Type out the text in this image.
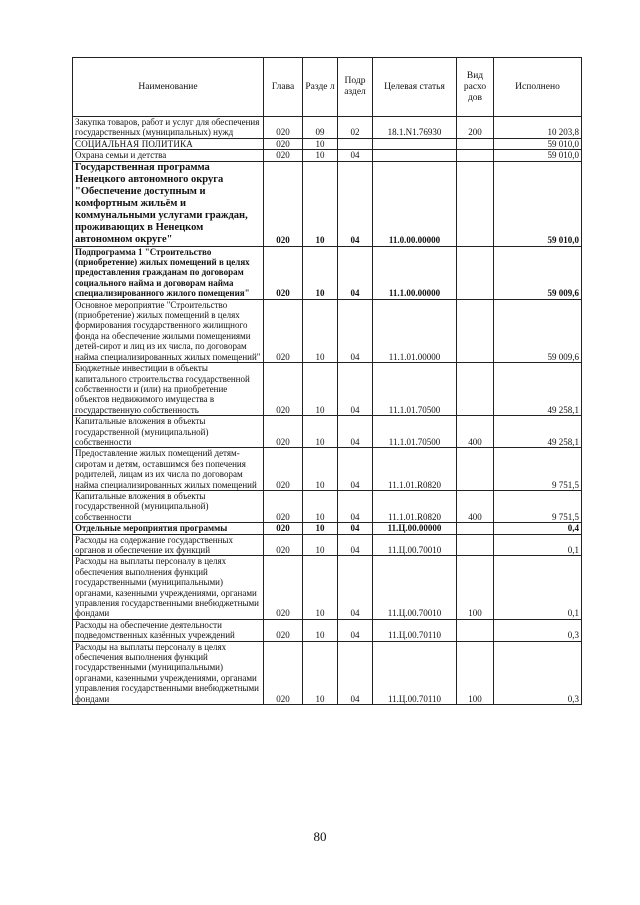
Наименование	Глава	Разде л	Подр аздел	Целевая статья	Вид расхо дов	Исполнено
Закупка товаров, работ и услуг для обеспечения государственных (муниципальных) нужд	020	09	02	18.1.N1.76930	200	10 203,8
СОЦИАЛЬНАЯ ПОЛИТИКА	020	10				59 010,0
Охрана семьи и детства	020	10	04			59 010,0
Государственная программа Ненецкого автономного округа "Обеспечение доступным и комфортным жильём и коммунальными услугами граждан, проживающих в Ненецком автономном округе"	020	10	04	11.0.00.00000		59 010,0
Подпрограмма 1 "Строительство (приобретение) жилых помещений в целях предоставления гражданам по договорам социального найма и договорам найма специализированного жилого помещения"	020	10	04	11.1.00.00000		59 009,6
Основное мероприятие "Строительство (приобретение) жилых помещений в целях формирования государственного жилищного фонда на обеспечение жилыми помещениями детей-сирот и лиц из их числа, по договорам найма специализированных жилых помещений"	020	10	04	11.1.01.00000		59 009,6
Бюджетные инвестиции в объекты капитального строительства государственной собственности и (или) на приобретение объектов недвижимого имущества в государственную собственность	020	10	04	11.1.01.70500		49 258,1
Капитальные вложения в объекты государственной (муниципальной) собственности	020	10	04	11.1.01.70500	400	49 258,1
Предоставление жилых помещений детям-сиротам и детям, оставшимся без попечения родителей, лицам из их числа по договорам найма специализированных жилых помещений	020	10	04	11.1.01.R0820		9 751,5
Капитальные вложения в объекты государственной (муниципальной) собственности	020	10	04	11.1.01.R0820	400	9 751,5
Отдельные мероприятия программы	020	10	04	11.Ц.00.00000		0,4
Расходы на содержание государственных органов и обеспечение их функций	020	10	04	11.Ц.00.70010		0,1
Расходы на выплаты персоналу в целях обеспечения выполнения функций государственными (муниципальными) органами, казенными учреждениями, органами управления государственными внебюджетными фондами	020	10	04	11.Ц.00.70010	100	0,1
Расходы на обеспечение деятельности подведомственных казённых учреждений	020	10	04	11.Ц.00.70110		0,3
Расходы на выплаты персоналу в целях обеспечения выполнения функций государственными (муниципальными) органами, казенными учреждениями, органами управления государственными внебюджетными фондами	020	10	04	11.Ц.00.70110	100	0,3
80
